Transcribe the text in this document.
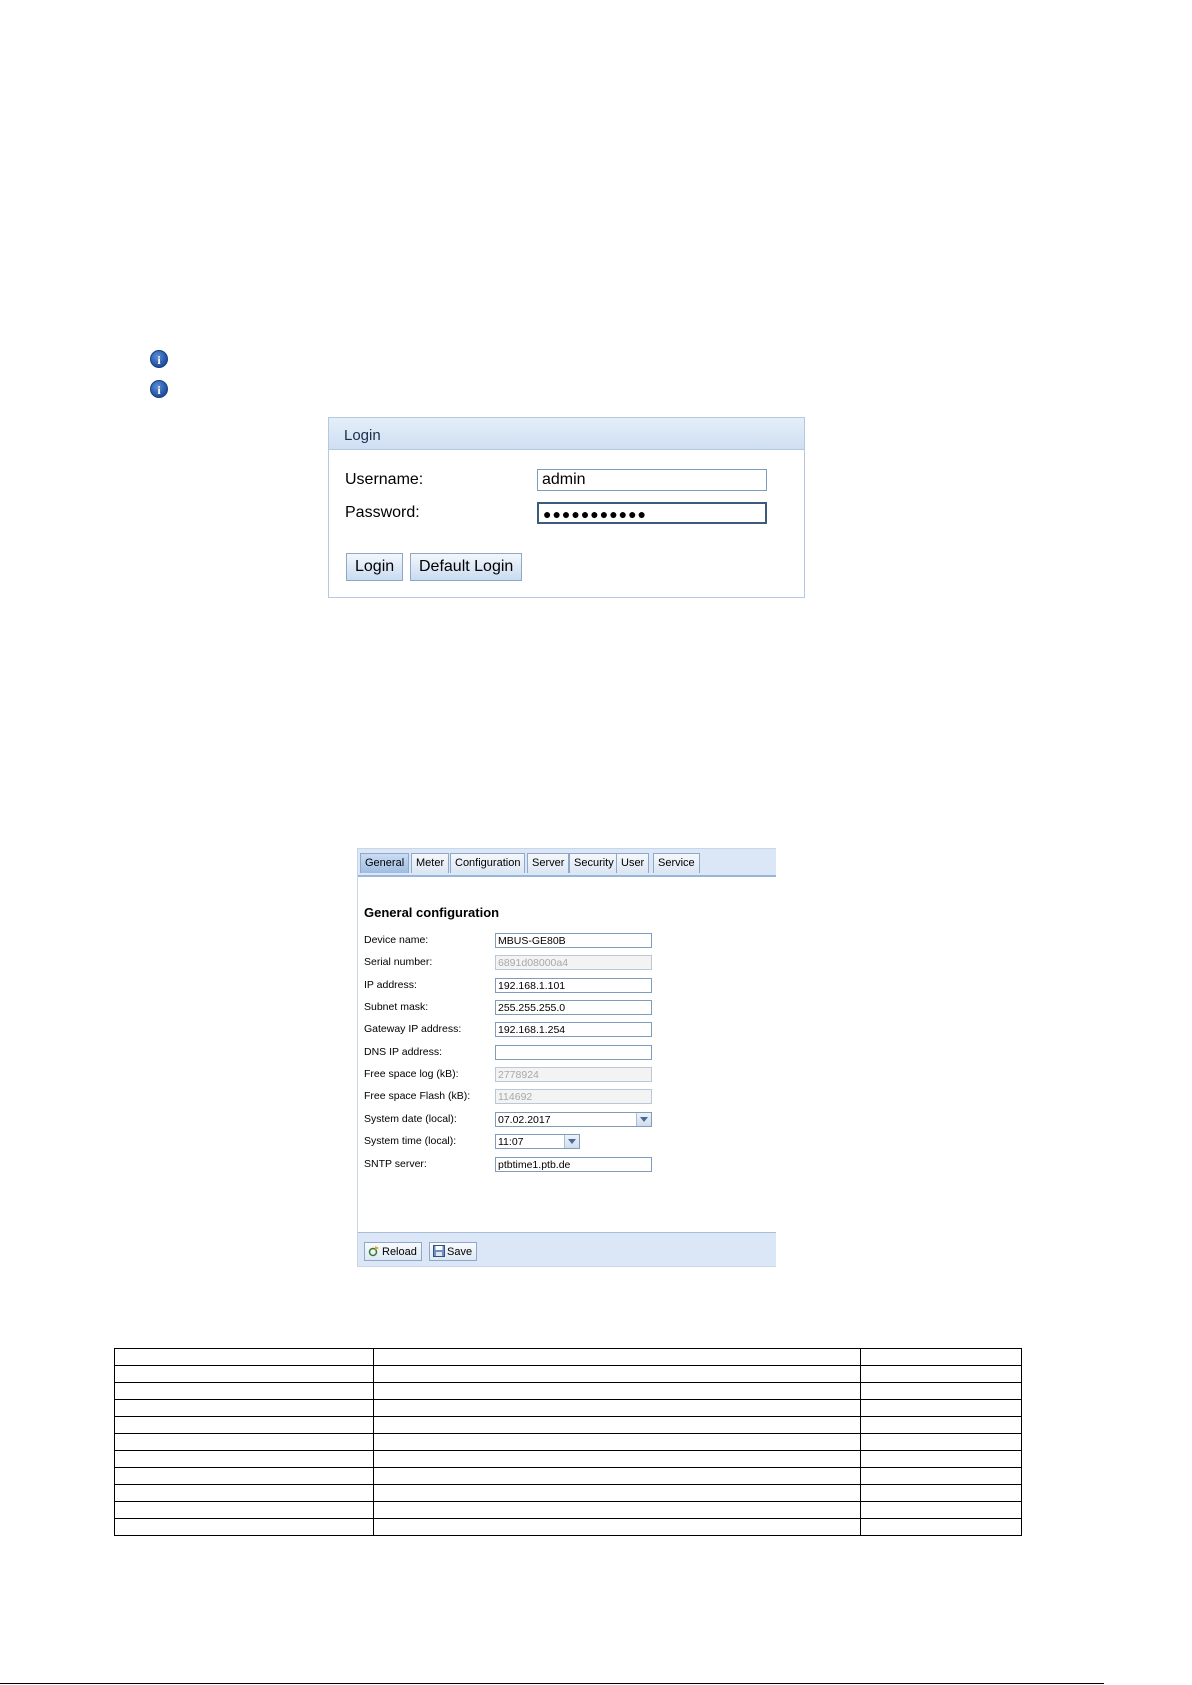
i
i
Login
Username:	admin
Password:	●●●●●●●●●●●
Login	Default Login
General	Meter Configuration	Server Security User	Service
General configuration
Device name:	MBUS-GE80B
Serial number:	6891d08000a4
IP address:	192.168.1.101
Subnet mask:	255.255.255.0
Gateway IP address:	192.168.1.254
DNS IP address:
Free space log (kB):	2778924
Free space Flash (kB):	114692
System date (local):	07.02.2017
System time (local):	11:07
SNTP server:	ptbtime1.ptb.de
Reload	Save
